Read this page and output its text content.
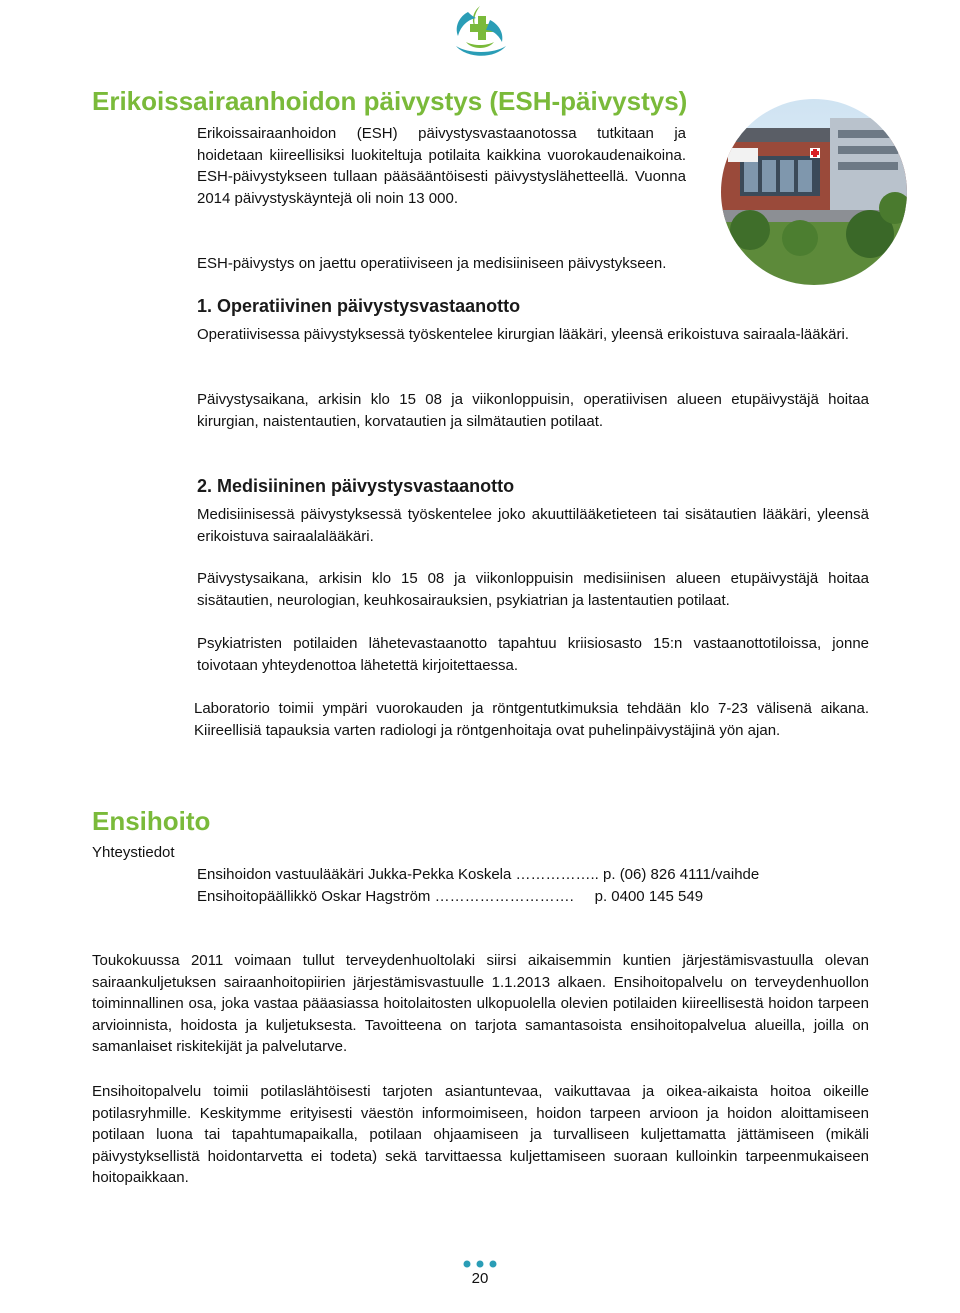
Erikoissairaanhoidon päivystys (ESH-päivystys)

Erikoissairaanhoidon (ESH) päivystysvastaanotossa tutkitaan ja hoidetaan kiireellisiksi luokiteltuja potilaita kaikkina vuorokaudenaikoina. ESH-päivystykseen tullaan pääsääntöisesti päivystyslähetteellä. Vuonna 2014 päivystyskäyntejä oli noin 13 000.

ESH-päivystys on jaettu operatiiviseen ja medisiiniseen päivystykseen.

1. Operatiivinen päivystysvastaanotto

Operatiivisessa päivystyksessä työskentelee kirurgian lääkäri, yleensä erikoistuva sairaala-lääkäri.

Päivystysaikana, arkisin klo 15 08 ja viikonloppuisin, operatiivisen alueen etupäivystäjä hoitaa kirurgian, naistentautien, korvatautien ja silmätautien potilaat.

2. Medisiininen päivystysvastaanotto

Medisiinisessä päivystyksessä työskentelee joko akuuttilääketieteen tai sisätautien lääkäri, yleensä erikoistuva sairaalalääkäri.

Päivystysaikana, arkisin klo 15 08 ja viikonloppuisin medisiinisen alueen etupäivystäjä hoitaa sisätautien, neurologian, keuhkosairauksien, psykiatrian ja lastentautien potilaat.

Psykiatristen potilaiden lähetevastaanotto tapahtuu kriisiosasto 15:n vastaanottotiloissa, jonne toivotaan yhteydenottoa lähetettä kirjoitettaessa.

Laboratorio toimii ympäri vuorokauden ja röntgentutkimuksia tehdään klo 7-23 välisenä aikana. Kiireellisiä tapauksia varten radiologi ja röntgenhoitaja ovat puhelinpäivystäjinä yön ajan.

Ensihoito
Yhteystiedot
Ensihoidon vastuulääkäri Jukka-Pekka Koskela …………….. p. (06) 826 4111/vaihde
Ensihoitopäällikkö Oskar Hagström ……………………….     p. 0400 145 549

Toukokuussa 2011 voimaan tullut terveydenhuoltolaki siirsi aikaisemmin kuntien järjestämisvastuulla olevan sairaankuljetuksen sairaanhoitopiirien järjestämisvastuulle 1.1.2013 alkaen. Ensihoitopalvelu on terveydenhuollon toiminnallinen osa, joka vastaa pääasiassa hoitolaitosten ulkopuolella olevien potilaiden kiireellisestä hoidon tarpeen arvioinnista, hoidosta ja kuljetuksesta. Tavoitteena on tarjota samantasoista ensihoitopalvelua alueilla, joilla on samanlaiset riskitekijät ja palvelutarve.

Ensihoitopalvelu toimii potilaslähtöisesti tarjoten asiantuntevaa, vaikuttavaa ja oikea-aikaista hoitoa oikeille potilasryhmille. Keskitymme erityisesti väestön informoimiseen, hoidon tarpeen arvioon ja hoidon aloittamiseen potilaan luona tai tapahtumapaikalla, potilaan ohjaamiseen ja turvalliseen kuljettamatta jättämiseen (mikäli päivystyksellistä hoidontarvetta ei todeta) sekä tarvittaessa kuljettamiseen suoraan kulloinkin tarpeenmukaiseen hoitopaikkaan.

20
